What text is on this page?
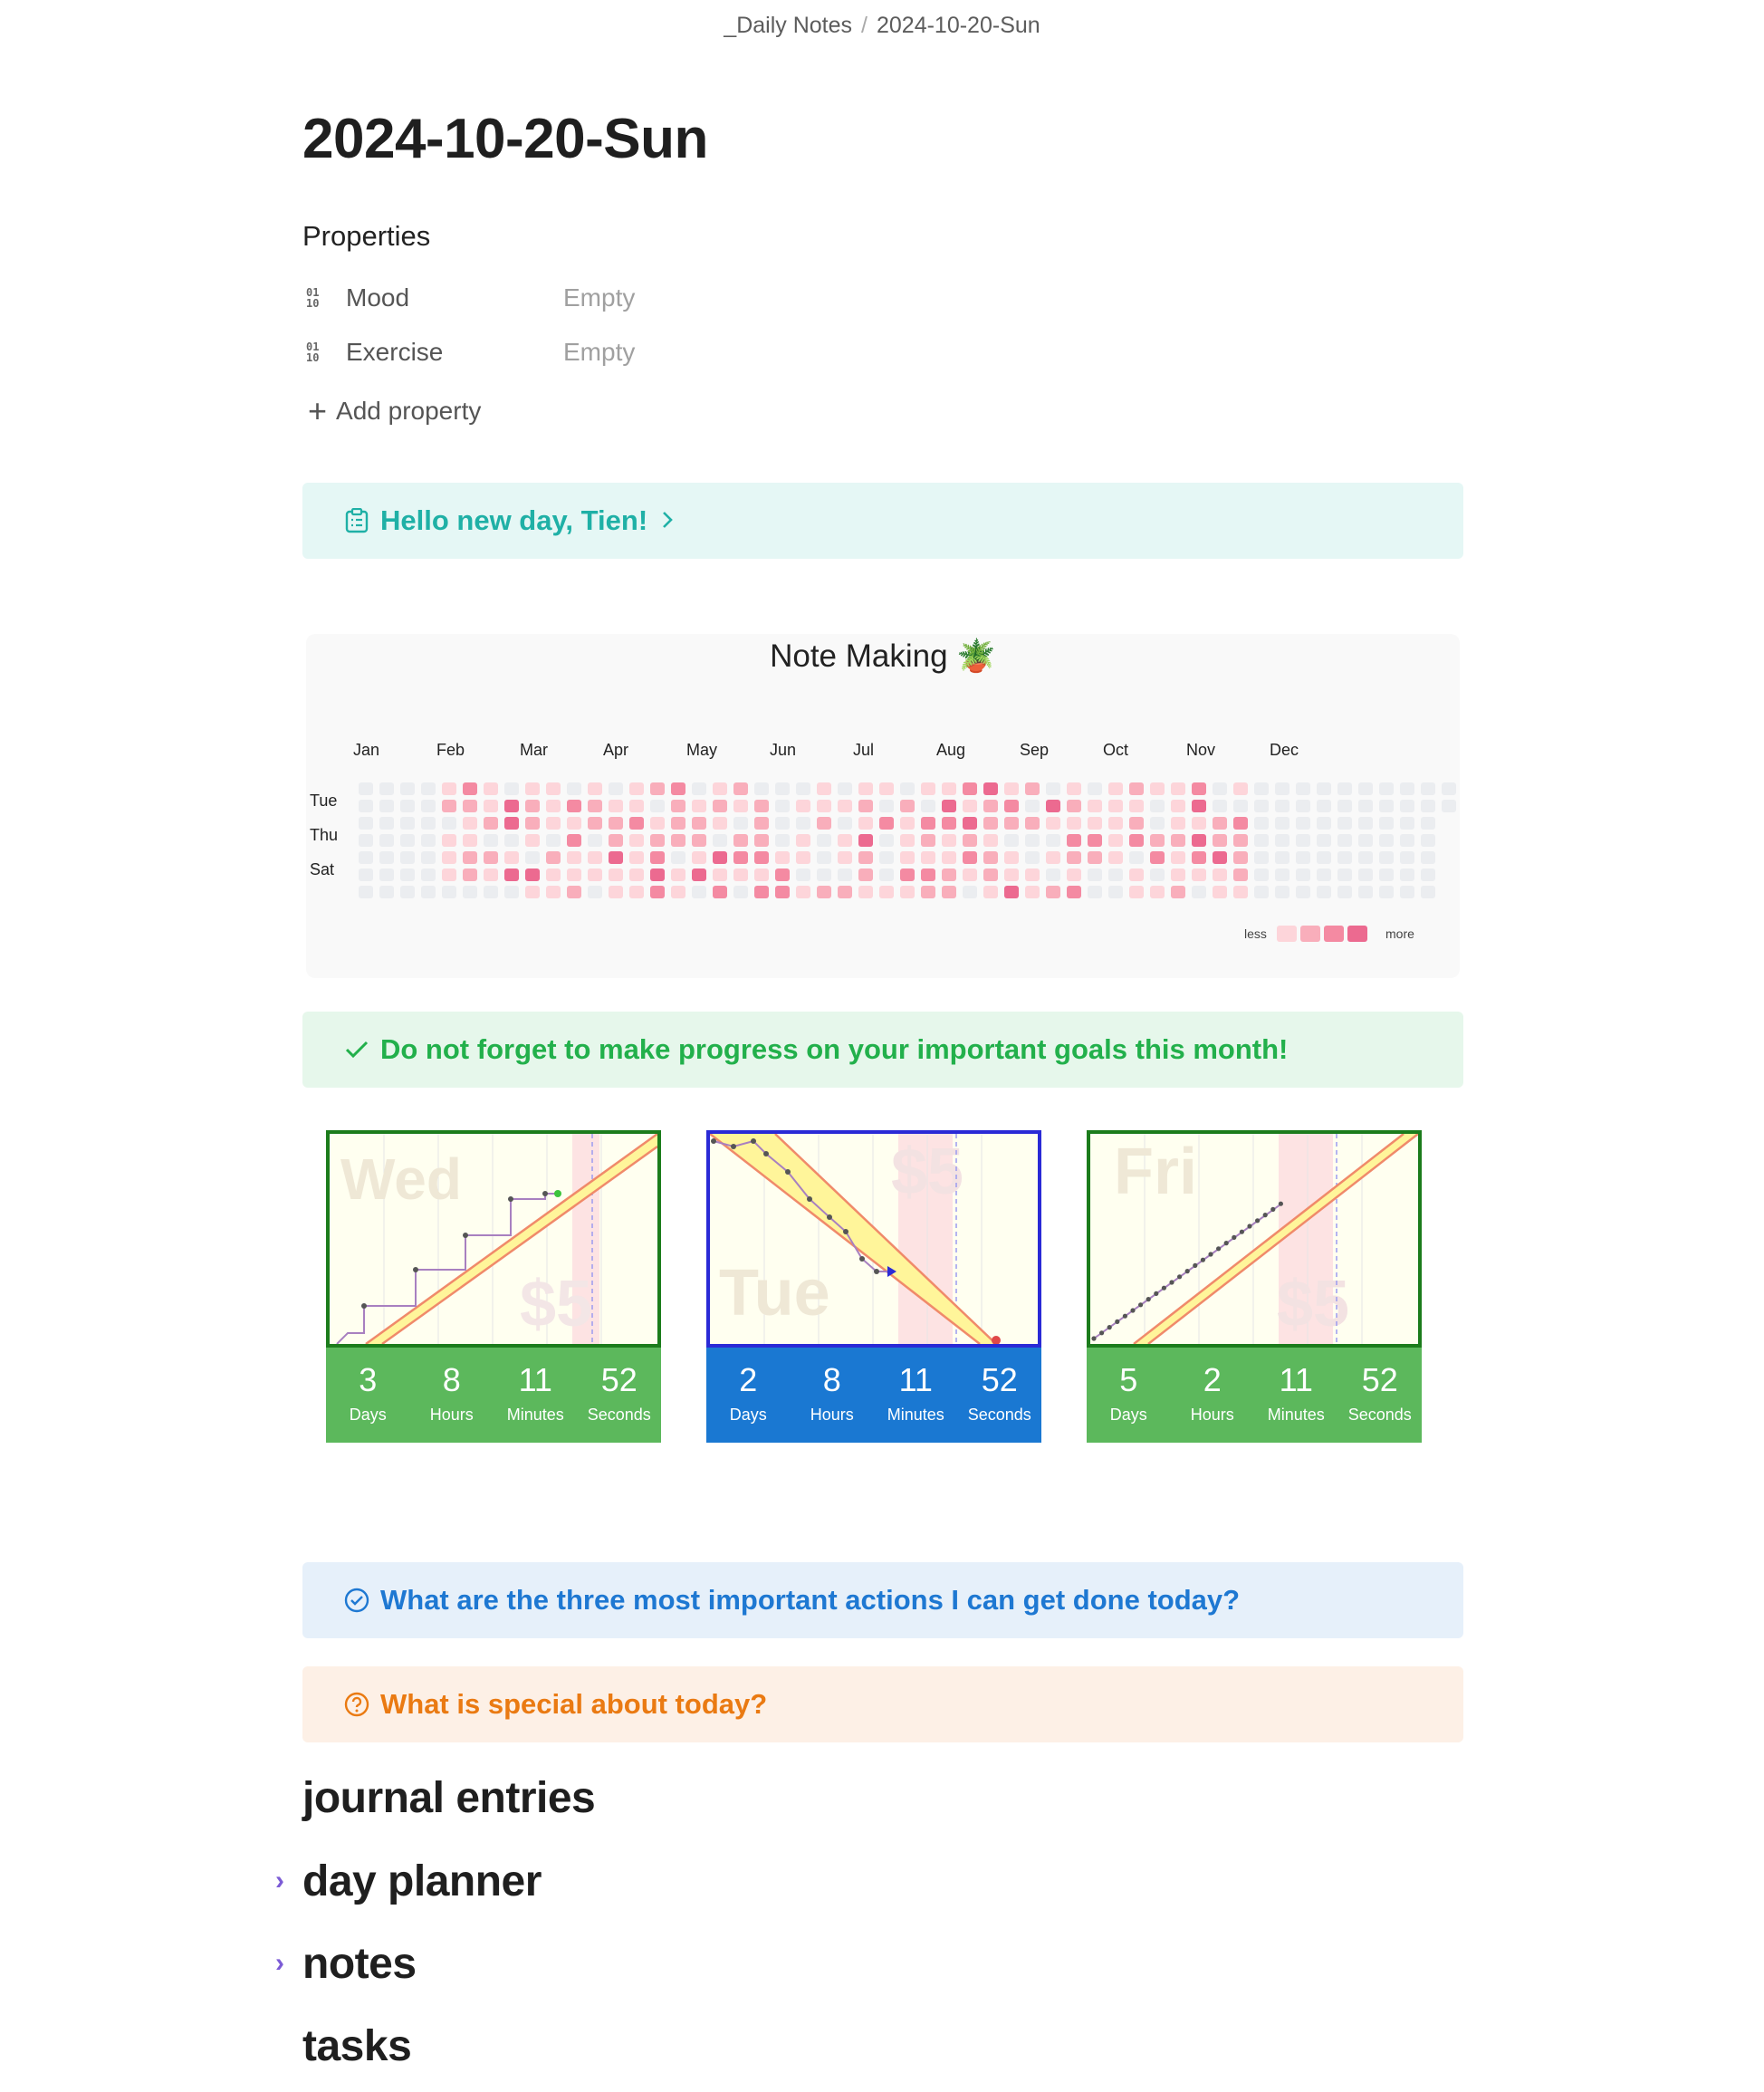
_Daily Notes / 2024-10-20-Sun
2024-10-20-Sun
Properties
01
10 Mood	Empty
01
10 Exercise	Empty
+ Add property
Hello new day, Tien!
Jan	Feb	Mar	Apr	May	Jun	Jul	Aug	Sep	Oct	Nov	Dec
Tue
Thu
Sat
less	more
Note Making 🪴
Do not forget to make progress on your important goals this month!
Wed
$5
3
Days
8
Hours
11
Minutes
52
Seconds
$5
Tue
2
Days
8
Hours
11
Minutes
52
Seconds
Fri
$5
5
Days
2
Hours
11
Minutes
52
Seconds
What are the three most important actions I can get done today?
What is special about today?
journal entries
› day planner
› notes
tasks
